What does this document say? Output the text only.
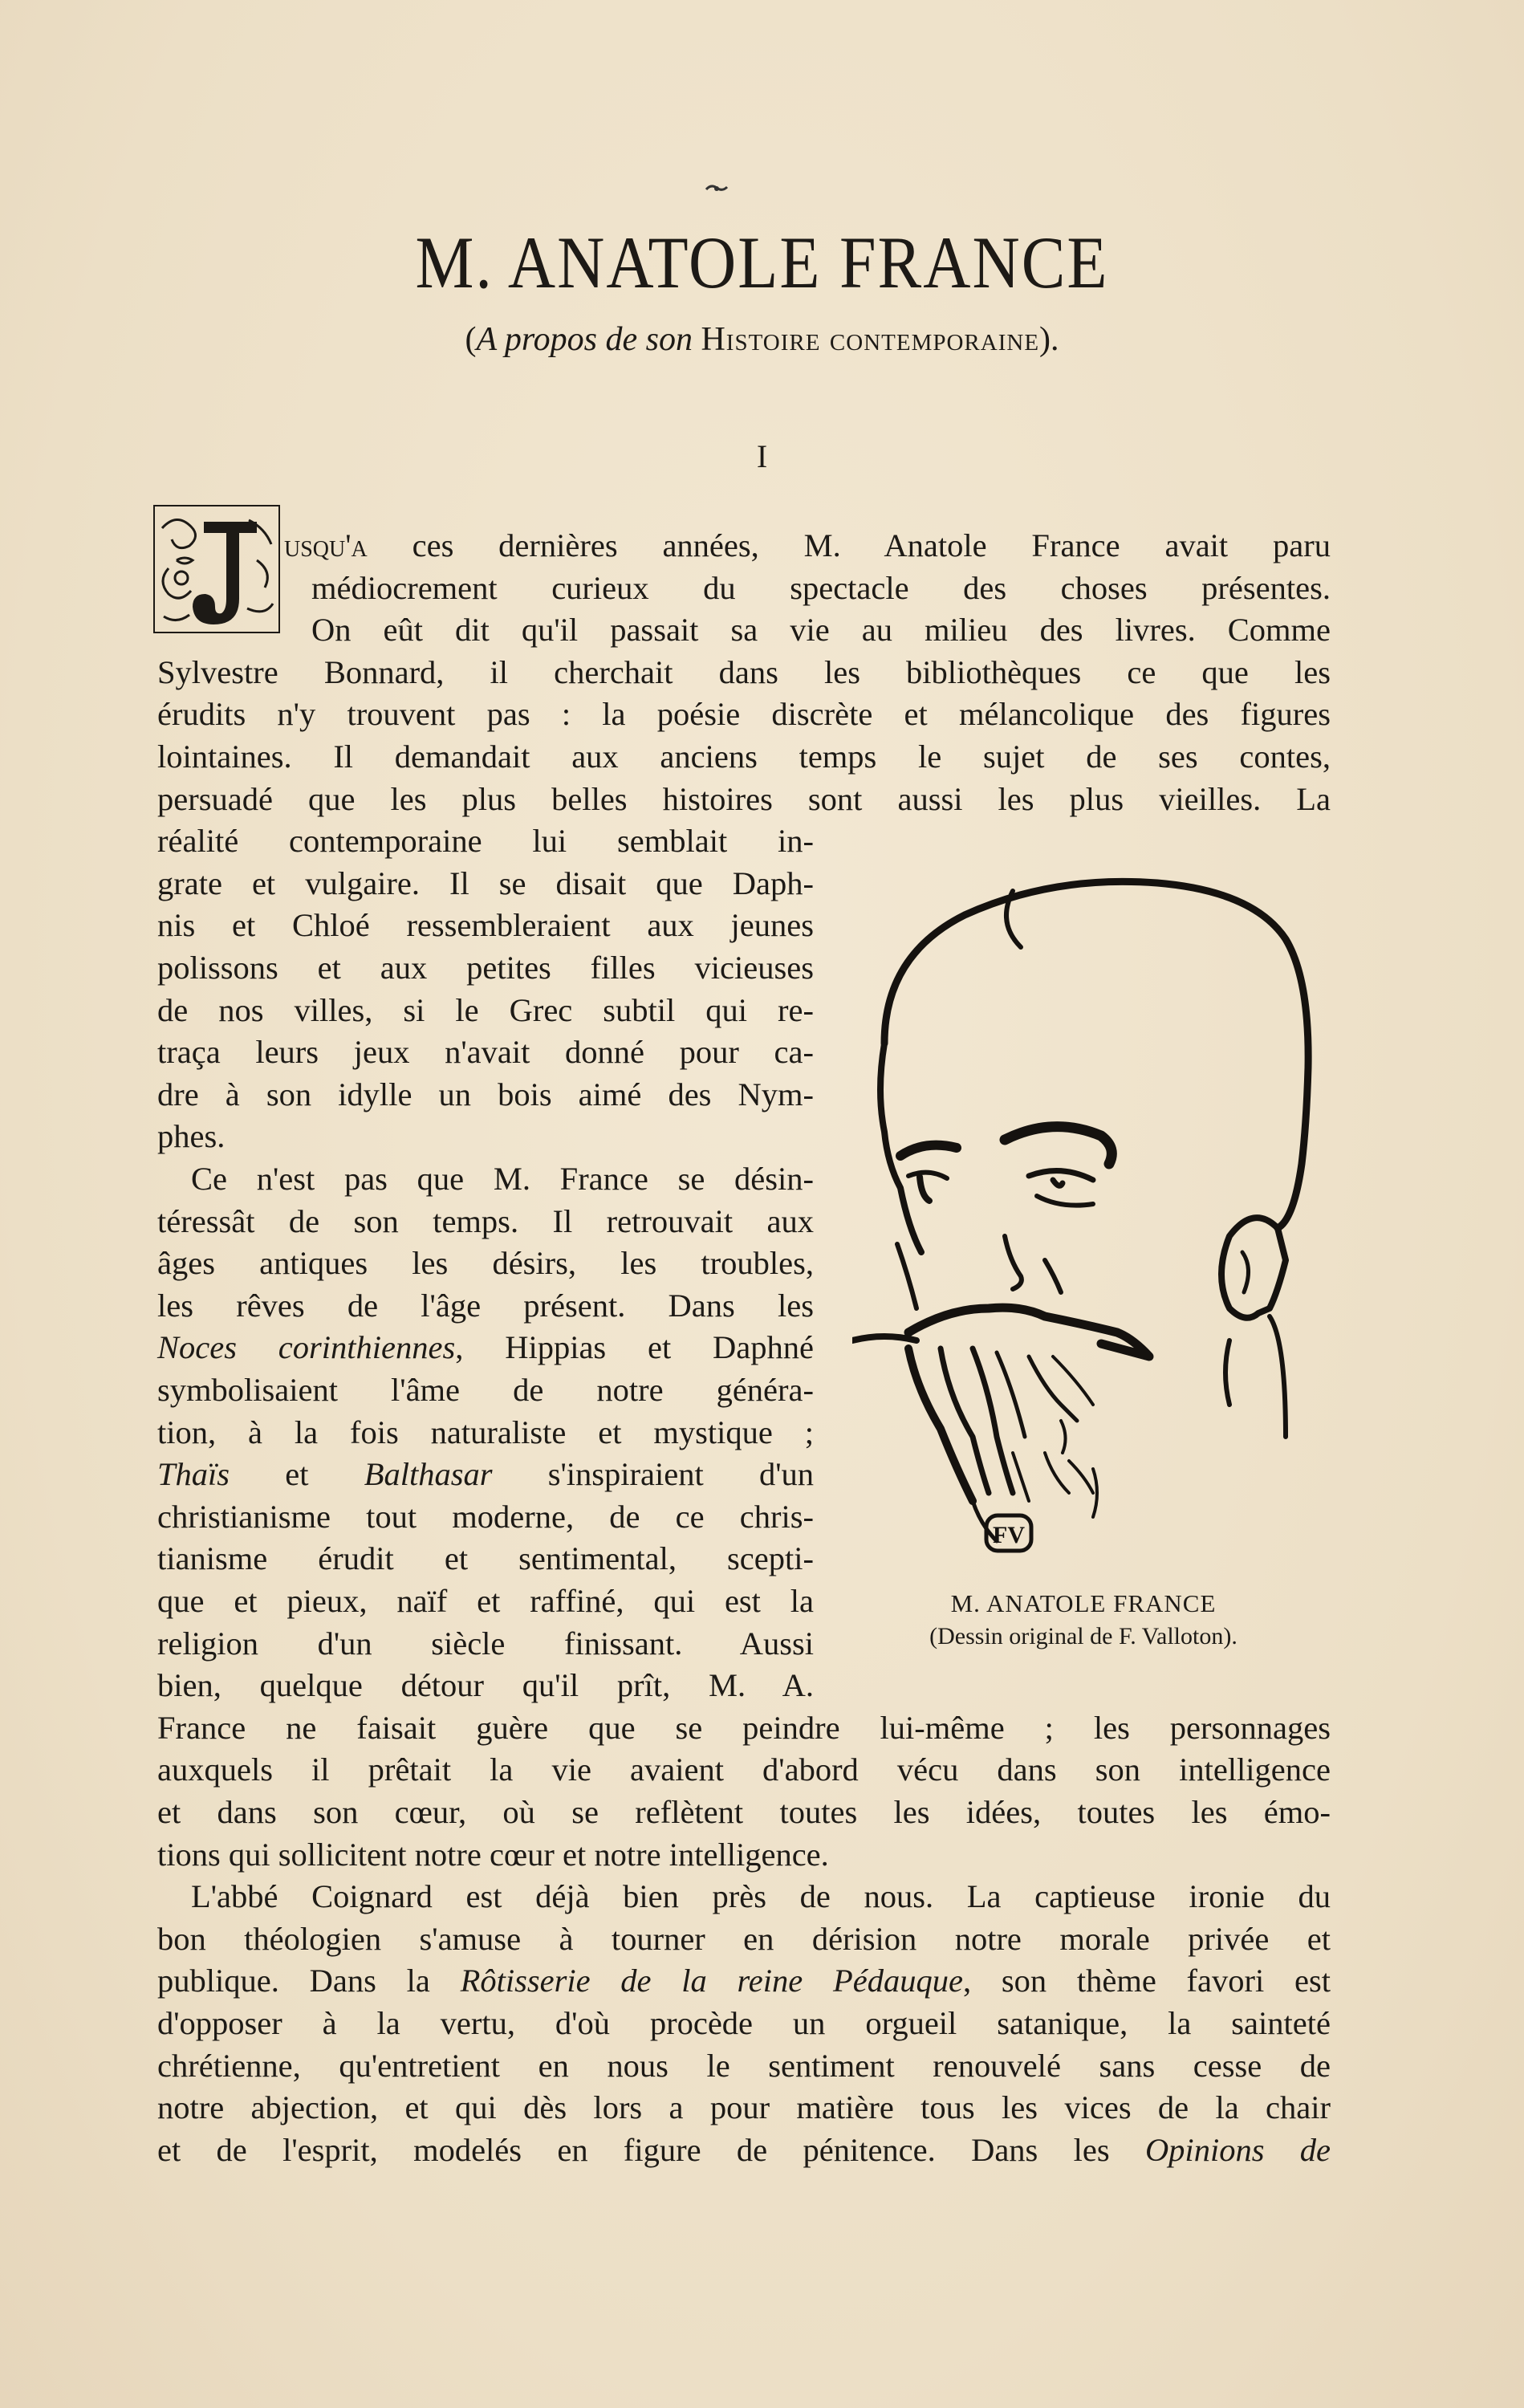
M. ANATOLE FRANCE

(A propos de son Histoire contemporaine).

I

usqu'a ces dernières années, M. Anatole France avait paru
médiocrement curieux du spectacle des choses présentes.
On eût dit qu'il passait sa vie au milieu des livres. Comme
Sylvestre Bonnard, il cherchait dans les bibliothèques ce que les
érudits n'y trouvent pas : la poésie discrète et mélancolique des figures
lointaines. Il demandait aux anciens temps le sujet de ses contes,
persuadé que les plus belles histoires sont aussi les plus vieilles. La
réalité contemporaine lui semblait in-
grate et vulgaire. Il se disait que Daph-
nis et Chloé ressembleraient aux jeunes
polissons et aux petites filles vicieuses
de nos villes, si le Grec subtil qui re-
traça leurs jeux n'avait donné pour ca-
dre à son idylle un bois aimé des Nym-
phes.
Ce n'est pas que M. France se désin-
téressât de son temps. Il retrouvait aux
âges antiques les désirs, les troubles,
les rêves de l'âge présent. Dans les
Noces corinthiennes, Hippias et Daphné
symbolisaient l'âme de notre généra-
tion, à la fois naturaliste et mystique ;
Thaïs et Balthasar s'inspiraient d'un
christianisme tout moderne, de ce chris-
tianisme érudit et sentimental, scepti-
que et pieux, naïf et raffiné, qui est la
religion d'un siècle finissant. Aussi
bien, quelque détour qu'il prît, M. A.
France ne faisait guère que se peindre lui-même ; les personnages
auxquels il prêtait la vie avaient d'abord vécu dans son intelligence
et dans son cœur, où se reflètent toutes les idées, toutes les émo-
tions qui sollicitent notre cœur et notre intelligence.
L'abbé Coignard est déjà bien près de nous. La captieuse ironie du
bon théologien s'amuse à tourner en dérision notre morale privée et
publique. Dans la Rôtisserie de la reine Pédauque, son thème favori est
d'opposer à la vertu, d'où procède un orgueil satanique, la sainteté
chrétienne, qu'entretient en nous le sentiment renouvelé sans cesse de
notre abjection, et qui dès lors a pour matière tous les vices de la chair
et de l'esprit, modelés en figure de pénitence. Dans les Opinions de
FV

M. ANATOLE FRANCE

(Dessin original de F. Valloton).
